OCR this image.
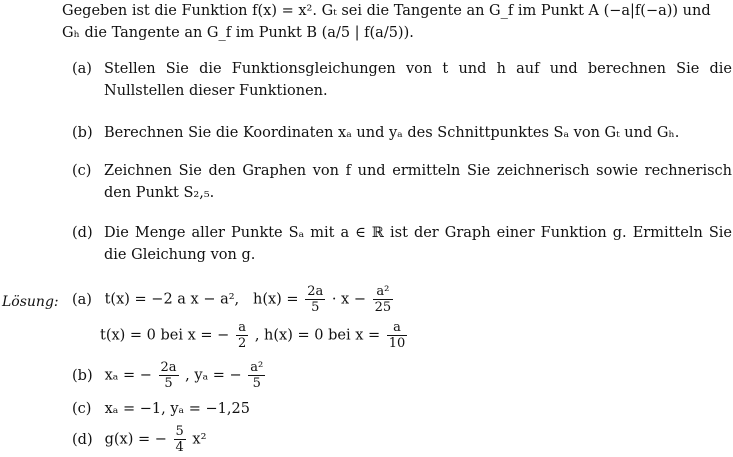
Gegeben ist die Funktion f(x) = x². Gₜ sei die Tangente an G_f im Punkt A (−a|f(−a)) und
Gₕ die Tangente an G_f im Punkt B (a/5 | f(a/5)).
(a) Stellen Sie die Funktionsgleichungen von t und h auf und berechnen Sie die Nullstellen dieser Funktionen.
(b) Berechnen Sie die Koordinaten xₐ und yₐ des Schnittpunktes Sₐ von Gₜ und Gₕ.
(c) Zeichnen Sie den Graphen von f und ermitteln Sie zeichnerisch sowie rechnerisch den Punkt S₂,₅.
(d) Die Menge aller Punkte Sₐ mit a ∈ ℝ ist der Graph einer Funktion g. Ermitteln Sie die Gleichung von g.
Lösung: (a) t(x) = −2 a x − a², $h(x) = \frac{2a}{5} \cdot x - \frac{\text{a²}}{25}$
t(x) = 0 bei x = − $\frac{a}{2}$ , h(x) = 0 bei $x = \frac{a}{10}$
(b) xₐ = − $\frac{2a}{5}$ , yₐ = − $\frac{\text{a²}}{5}$
(c) xₐ = −1, yₐ = −1,25
(d) g(x) = − $\frac{5}{4} x^2$
